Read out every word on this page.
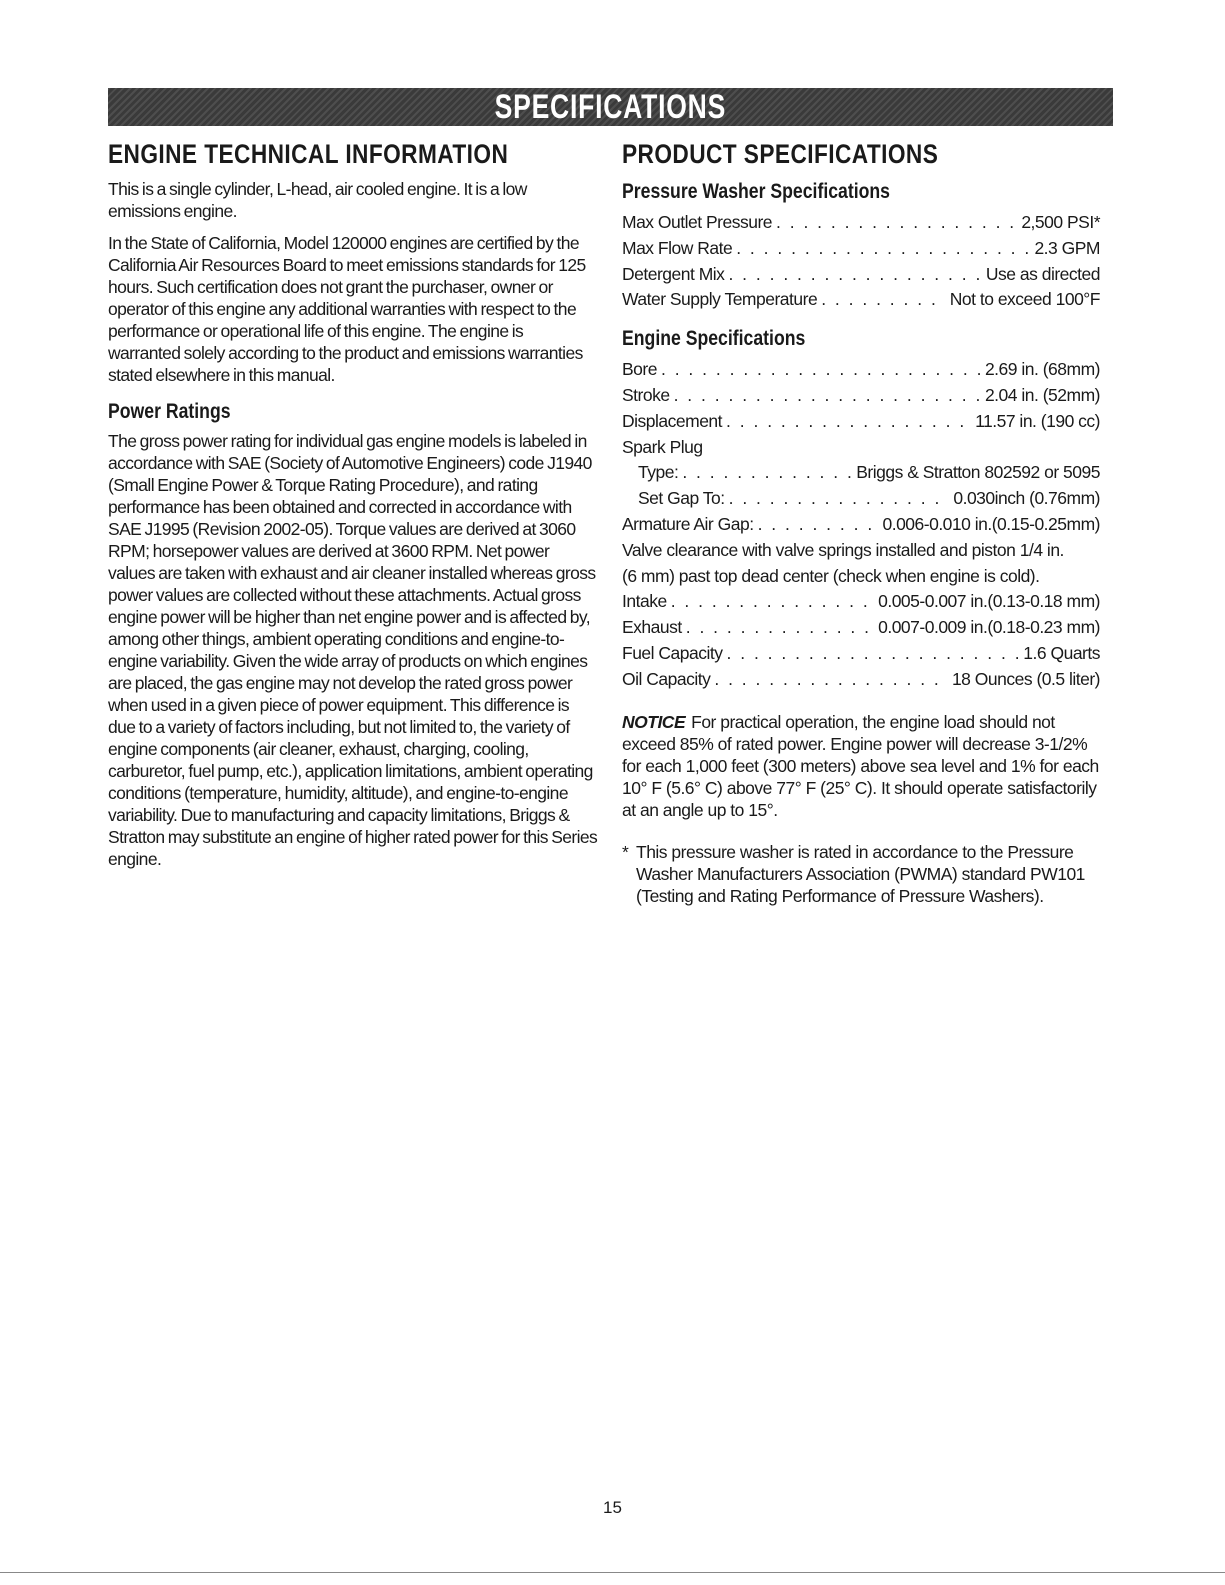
SPECIFICATIONS
ENGINE TECHNICAL INFORMATION

This is a single cylinder, L-head, air cooled engine. It is a low emissions engine.

In the State of California, Model 120000 engines are certified by the California Air Resources Board to meet emissions standards for 125 hours. Such certification does not grant the purchaser, owner or operator of this engine any additional warranties with respect to the performance or operational life of this engine. The engine is warranted solely according to the product and emissions warranties stated elsewhere in this manual.

Power Ratings

The gross power rating for individual gas engine models is labeled in accordance with SAE (Society of Automotive Engineers) code J1940 (Small Engine Power & Torque Rating Procedure), and rating performance has been obtained and corrected in accordance with SAE J1995 (Revision 2002-05). Torque values are derived at 3060 RPM; horsepower values are derived at 3600 RPM. Net power values are taken with exhaust and air cleaner installed whereas gross power values are collected without these attachments. Actual gross engine power will be higher than net engine power and is affected by, among other things, ambient operating conditions and engine-to-engine variability. Given the wide array of products on which engines are placed, the gas engine may not develop the rated gross power when used in a given piece of power equipment. This difference is due to a variety of factors including, but not limited to, the variety of engine components (air cleaner, exhaust, charging, cooling, carburetor, fuel pump, etc.), application limitations, ambient operating conditions (temperature, humidity, altitude), and engine-to-engine variability. Due to manufacturing and capacity limitations, Briggs & Stratton may substitute an engine of higher rated power for this Series engine.

PRODUCT SPECIFICATIONS
Pressure Washer Specifications
Max Outlet Pressure . . .	2,500 PSI*
Max Flow Rate . . .	2.3 GPM
Detergent Mix . . .	Use as directed
Water Supply Temperature . . .	Not to exceed 100°F
Engine Specifications
Bore . . .	2.69 in. (68mm)
Stroke . . .	2.04 in. (52mm)
Displacement . . .	11.57 in. (190 cc)
Spark Plug
Type: . . .	Briggs & Stratton 802592 or 5095
Set Gap To: . . .	0.030inch (0.76mm)
Armature Air Gap: . . .	0.006-0.010 in.(0.15-0.25mm)
Valve clearance with valve springs installed and piston 1/4 in.
(6 mm) past top dead center (check when engine is cold).
Intake . . .	0.005-0.007 in.(0.13-0.18 mm)
Exhaust . . .	0.007-0.009 in.(0.18-0.23 mm)
Fuel Capacity . . .	1.6 Quarts
Oil Capacity . . .	18 Ounces (0.5 liter)
NOTICE For practical operation, the engine load should not exceed 85% of rated power. Engine power will decrease 3-1/2% for each 1,000 feet (300 meters) above sea level and 1% for each 10° F (5.6° C) above 77° F (25° C). It should operate satisfactorily at an angle up to 15°.
* This pressure washer is rated in accordance to the Pressure Washer Manufacturers Association (PWMA) standard PW101 (Testing and Rating Performance of Pressure Washers).
15
